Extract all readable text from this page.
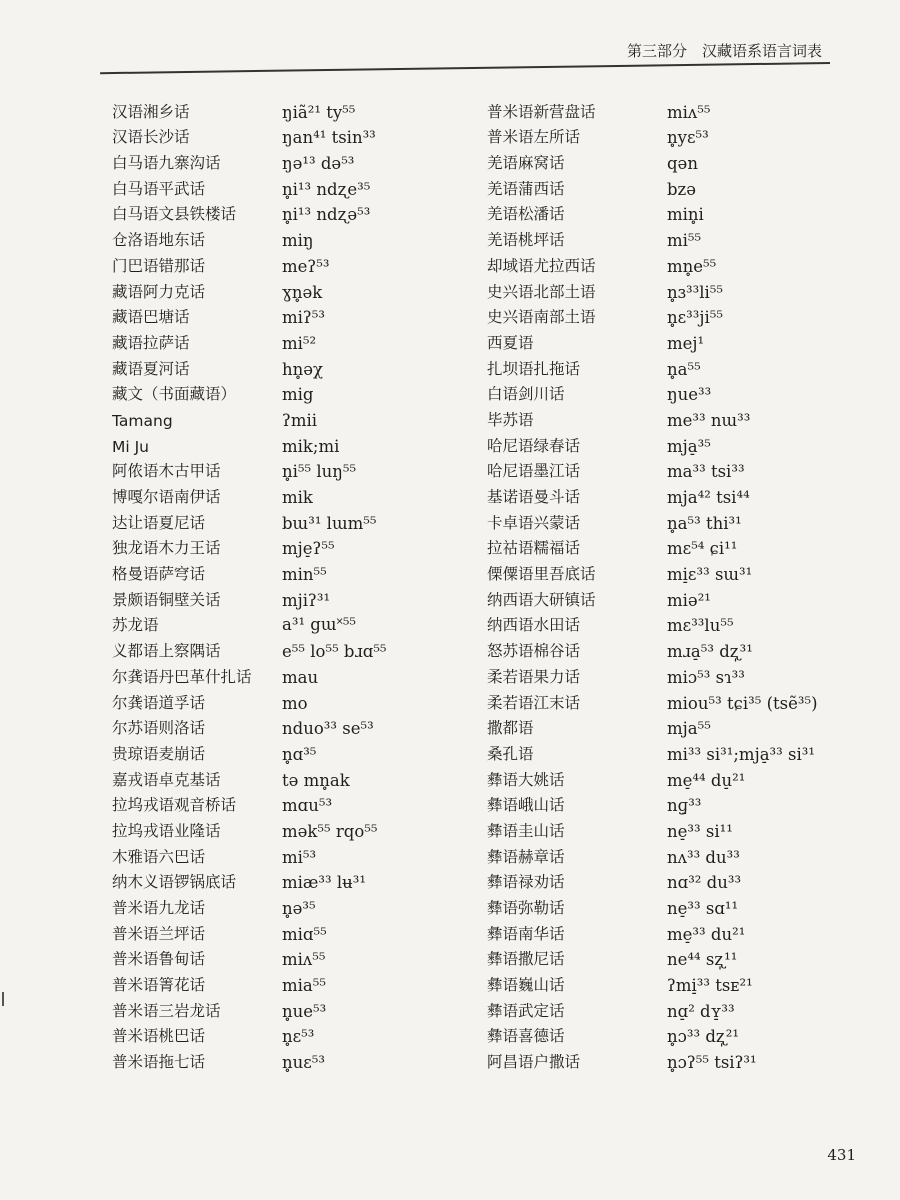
第三部分　汉藏语系语言词表
汉语湘乡话	ŋiã²¹ ty⁵⁵
汉语长沙话	ŋan⁴¹ tsin³³
白马语九寨沟话	ŋə¹³ də⁵³
白马语平武话	n̥i¹³ ndʐe³⁵
白马语文县铁楼话	n̥i¹³ ndʐə⁵³
仓洛语地东话	miŋ
门巴语错那话	meʔ⁵³
藏语阿力克话	ɣn̥ək
藏语巴塘话	miʔ⁵³
藏语拉萨话	mi⁵²
藏语夏河话	hn̥əχ
藏文（书面藏语）	mig
Tamang	ʔmii
Mi Ju	mik;mi
阿侬语木古甲话	n̥i⁵⁵ luŋ⁵⁵
博嘎尔语南伊话	mik
达让语夏尼话	bɯ³¹ lɯm⁵⁵
独龙语木力王话	mje̠ʔ⁵⁵
格曼语萨穹话	min⁵⁵
景颇语铜壁关话	mjiʔ³¹
苏龙语	a³¹ gɯ˟⁵⁵
义都语上察隅话	e⁵⁵ lo⁵⁵ bɹɑ⁵⁵
尔龚语丹巴革什扎话	mau
尔龚语道孚话	mo
尔苏语则洛话	nduo³³ se⁵³
贵琼语麦崩话	n̥ɑ³⁵
嘉戎语卓克基话	tə mn̥ak
拉坞戎语观音桥话	mɑu⁵³
拉坞戎语业隆话	mək⁵⁵ rqo⁵⁵
木雅语六巴话	mi⁵³
纳木义语锣锅底话	miæ³³ lʉ³¹
普米语九龙话	n̥ə³⁵
普米语兰坪话	miɑ⁵⁵
普米语鲁甸话	miʌ⁵⁵
普米语箐花话	mia⁵⁵
普米语三岩龙话	n̥ue⁵³
普米语桃巴话	n̥ɛ⁵³
普米语拖七话	n̥uɛ⁵³
普米语新营盘话	miʌ⁵⁵
普米语左所话	n̥yɛ⁵³
羌语麻窝话	qən
羌语蒲西话	bzə
羌语松潘话	min̥i
羌语桃坪话	mi⁵⁵
却域语尤拉西话	mn̥e⁵⁵
史兴语北部土语	n̥ɜ³³li⁵⁵
史兴语南部土语	n̥ɛ³³ji⁵⁵
西夏语	mej¹
扎坝语扎拖话	n̥a⁵⁵
白语剑川话	ŋue³³
毕苏语	me³³ nɯ³³
哈尼语绿春话	mja̠³⁵
哈尼语墨江话	ma³³ tsi³³
基诺语曼斗话	mja⁴² tsi⁴⁴
卡卓语兴蒙话	n̥a⁵³ thi³¹
拉祜语糯福话	mɛ⁵⁴ ɕi¹¹
傈僳语里吾底话	mi̠ɛ³³ sɯ³¹
纳西语大研镇话	miə²¹
纳西语水田话	mɛ³³lu⁵⁵
怒苏语棉谷话	mɹa̠⁵³ dʐ̩³¹
柔若语果力话	miɔ⁵³ sɿ³³
柔若语江末话	miou⁵³ tɕi³⁵ (tsẽ³⁵)
撒都语	mja⁵⁵
桑孔语	mi³³ si³¹;mja̠³³ si³¹
彝语大姚话	me̠⁴⁴ du̠²¹
彝语峨山话	nɡ̠³³
彝语圭山话	ne̠³³ si¹¹
彝语赫章话	nʌ³³ du³³
彝语禄劝话	nɑ³² du³³
彝语弥勒话	ne̠³³ sɑ¹¹
彝语南华话	me̠³³ du²¹
彝语撒尼话	ne⁴⁴ sʐ̩¹¹
彝语巍山话	ʔmi̠³³ tsᴇ²¹
彝语武定话	nɑ̠² dʏ̠³³
彝语喜德话	n̥ɔ³³ dʐ̩²¹
阿昌语户撒话	n̥ɔʔ⁵⁵ tsiʔ³¹
431
